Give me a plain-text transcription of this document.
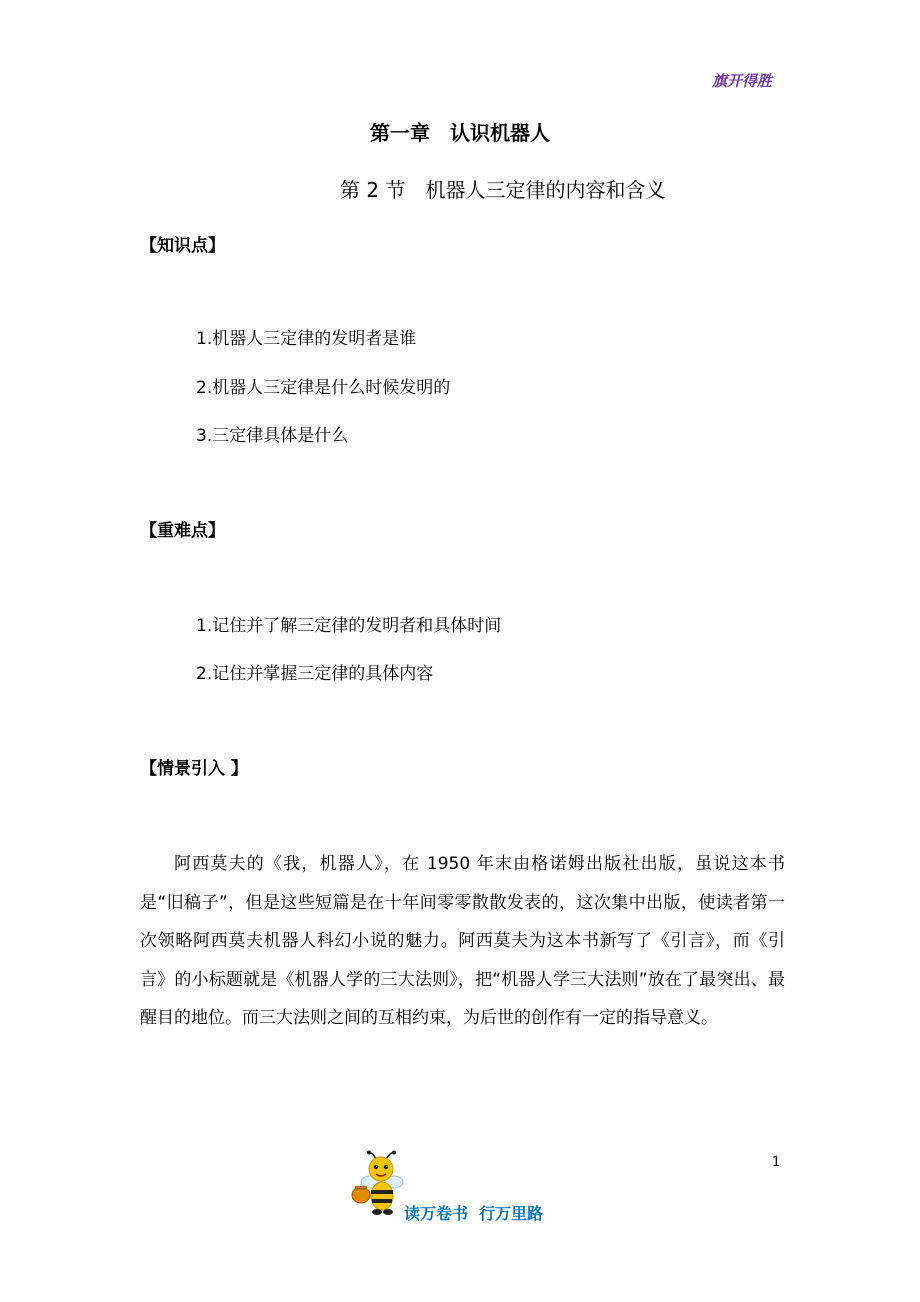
旗开得胜
第一章　认识机器人
第 2 节　机器人三定律的内容和含义
【知识点】
1.机器人三定律的发明者是谁
2.机器人三定律是什么时候发明的
3.三定律具体是什么
【重难点】
1.记住并了解三定律的发明者和具体时间
2.记住并掌握三定律的具体内容
【情景引入 】

阿西莫夫的《我，机器人》，在 1950 年末由格诺姆出版社出版，虽说这本书是“旧稿子”，但是这些短篇是在十年间零零散散发表的，这次集中出版，使读者第一次领略阿西莫夫机器人科幻小说的魅力。阿西莫夫为这本书新写了《引言》，而《引言》的小标题就是《机器人学的三大法则》，把“机器人学三大法则”放在了最突出、最醒目的地位。而三大法则之间的互相约束，为后世的创作有一定的指导意义。

1
读万卷书  行万里路
